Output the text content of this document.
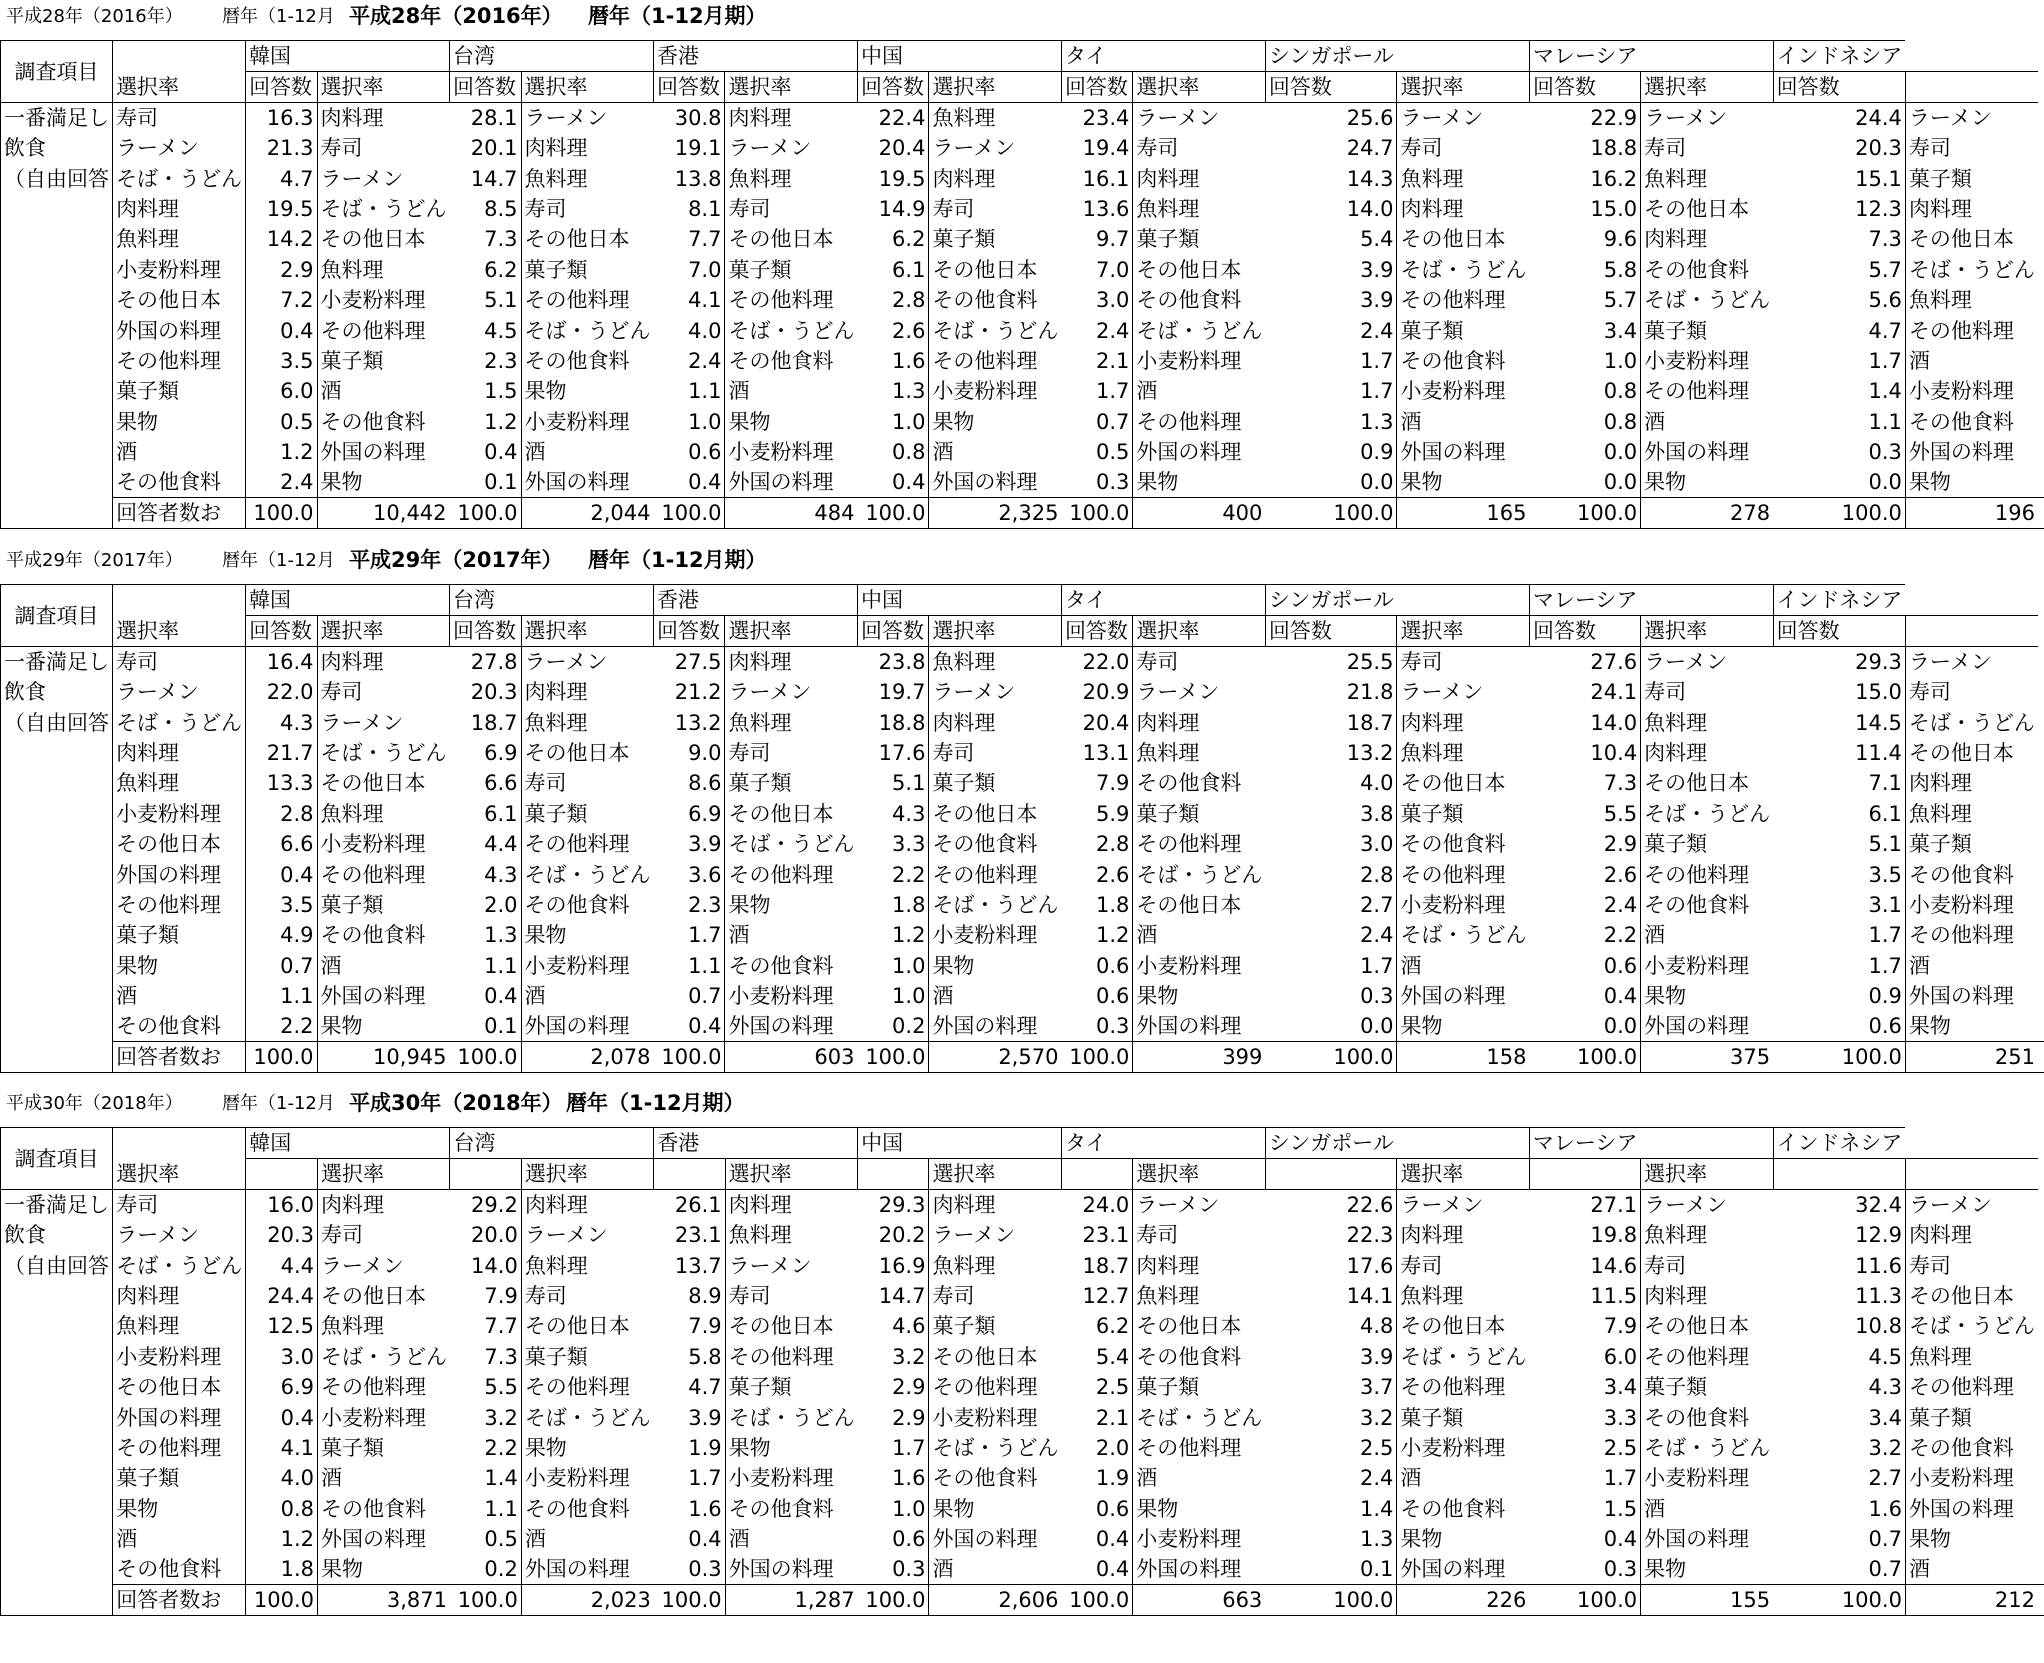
平成28年（2016年） 暦年（1-12月 平成28年（2016年） 暦年（1-12月期）
調査項目		韓国		台湾		香港		中国		タイ		シンガポール		マレーシア		インドネシア		
	選択率	回答数	選択率	回答数	選択率	回答数	選択率	回答数	選択率	回答数	選択率	回答数	選択率	回答数	選択率	回答数		
一番満足し	寿司	16.3	肉料理	28.1	ラーメン	30.8	肉料理	22.4	魚料理	23.4	ラーメン	25.6	ラーメン	22.9	ラーメン	24.4	ラーメン	
飲食	ラーメン	21.3	寿司	20.1	肉料理	19.1	ラーメン	20.4	ラーメン	19.4	寿司	24.7	寿司	18.8	寿司	20.3	寿司	
（自由回答	そば・うどん	4.7	ラーメン	14.7	魚料理	13.8	魚料理	19.5	肉料理	16.1	肉料理	14.3	魚料理	16.2	魚料理	15.1	菓子類	
	肉料理	19.5	そば・うどん	8.5	寿司	8.1	寿司	14.9	寿司	13.6	魚料理	14.0	肉料理	15.0	その他日本	12.3	肉料理	
	魚料理	14.2	その他日本	7.3	その他日本	7.7	その他日本	6.2	菓子類	9.7	菓子類	5.4	その他日本	9.6	肉料理	7.3	その他日本	
	小麦粉料理	2.9	魚料理	6.2	菓子類	7.0	菓子類	6.1	その他日本	7.0	その他日本	3.9	そば・うどん	5.8	その他食料	5.7	そば・うどん	
	その他日本	7.2	小麦粉料理	5.1	その他料理	4.1	その他料理	2.8	その他食料	3.0	その他食料	3.9	その他料理	5.7	そば・うどん	5.6	魚料理	
	外国の料理	0.4	その他料理	4.5	そば・うどん	4.0	そば・うどん	2.6	そば・うどん	2.4	そば・うどん	2.4	菓子類	3.4	菓子類	4.7	その他料理	
	その他料理	3.5	菓子類	2.3	その他食料	2.4	その他食料	1.6	その他料理	2.1	小麦粉料理	1.7	その他食料	1.0	小麦粉料理	1.7	酒	
	菓子類	6.0	酒	1.5	果物	1.1	酒	1.3	小麦粉料理	1.7	酒	1.7	小麦粉料理	0.8	その他料理	1.4	小麦粉料理	
	果物	0.5	その他食料	1.2	小麦粉料理	1.0	果物	1.0	果物	0.7	その他料理	1.3	酒	0.8	酒	1.1	その他食料	
	酒	1.2	外国の料理	0.4	酒	0.6	小麦粉料理	0.8	酒	0.5	外国の料理	0.9	外国の料理	0.0	外国の料理	0.3	外国の料理	
	その他食料	2.4	果物	0.1	外国の料理	0.4	外国の料理	0.4	外国の料理	0.3	果物	0.0	果物	0.0	果物	0.0	果物	
	回答者数お	100.0	10,442	100.0	2,044	100.0	484	100.0	2,325	100.0	400	100.0	165	100.0	278	100.0	196	
平成29年（2017年） 暦年（1-12月 平成29年（2017年） 暦年（1-12月期）
調査項目		韓国		台湾		香港		中国		タイ		シンガポール		マレーシア		インドネシア		
	選択率	回答数	選択率	回答数	選択率	回答数	選択率	回答数	選択率	回答数	選択率	回答数	選択率	回答数	選択率	回答数		
一番満足し	寿司	16.4	肉料理	27.8	ラーメン	27.5	肉料理	23.8	魚料理	22.0	寿司	25.5	寿司	27.6	ラーメン	29.3	ラーメン	
飲食	ラーメン	22.0	寿司	20.3	肉料理	21.2	ラーメン	19.7	ラーメン	20.9	ラーメン	21.8	ラーメン	24.1	寿司	15.0	寿司	
（自由回答	そば・うどん	4.3	ラーメン	18.7	魚料理	13.2	魚料理	18.8	肉料理	20.4	肉料理	18.7	肉料理	14.0	魚料理	14.5	そば・うどん	
	肉料理	21.7	そば・うどん	6.9	その他日本	9.0	寿司	17.6	寿司	13.1	魚料理	13.2	魚料理	10.4	肉料理	11.4	その他日本	
	魚料理	13.3	その他日本	6.6	寿司	8.6	菓子類	5.1	菓子類	7.9	その他食料	4.0	その他日本	7.3	その他日本	7.1	肉料理	
	小麦粉料理	2.8	魚料理	6.1	菓子類	6.9	その他日本	4.3	その他日本	5.9	菓子類	3.8	菓子類	5.5	そば・うどん	6.1	魚料理	
	その他日本	6.6	小麦粉料理	4.4	その他料理	3.9	そば・うどん	3.3	その他食料	2.8	その他料理	3.0	その他食料	2.9	菓子類	5.1	菓子類	
	外国の料理	0.4	その他料理	4.3	そば・うどん	3.6	その他料理	2.2	その他料理	2.6	そば・うどん	2.8	その他料理	2.6	その他料理	3.5	その他食料	
	その他料理	3.5	菓子類	2.0	その他食料	2.3	果物	1.8	そば・うどん	1.8	その他日本	2.7	小麦粉料理	2.4	その他食料	3.1	小麦粉料理	
	菓子類	4.9	その他食料	1.3	果物	1.7	酒	1.2	小麦粉料理	1.2	酒	2.4	そば・うどん	2.2	酒	1.7	その他料理	
	果物	0.7	酒	1.1	小麦粉料理	1.1	その他食料	1.0	果物	0.6	小麦粉料理	1.7	酒	0.6	小麦粉料理	1.7	酒	
	酒	1.1	外国の料理	0.4	酒	0.7	小麦粉料理	1.0	酒	0.6	果物	0.3	外国の料理	0.4	果物	0.9	外国の料理	
	その他食料	2.2	果物	0.1	外国の料理	0.4	外国の料理	0.2	外国の料理	0.3	外国の料理	0.0	果物	0.0	外国の料理	0.6	果物	
	回答者数お	100.0	10,945	100.0	2,078	100.0	603	100.0	2,570	100.0	399	100.0	158	100.0	375	100.0	251	
平成30年（2018年） 暦年（1-12月 平成30年（2018年） 暦年（1-12月期）
調査項目		韓国		台湾		香港		中国		タイ		シンガポール		マレーシア		インドネシア		
	選択率		選択率		選択率		選択率		選択率		選択率		選択率		選択率			
一番満足し	寿司	16.0	肉料理	29.2	肉料理	26.1	肉料理	29.3	肉料理	24.0	ラーメン	22.6	ラーメン	27.1	ラーメン	32.4	ラーメン	
飲食	ラーメン	20.3	寿司	20.0	ラーメン	23.1	魚料理	20.2	ラーメン	23.1	寿司	22.3	肉料理	19.8	魚料理	12.9	肉料理	
（自由回答	そば・うどん	4.4	ラーメン	14.0	魚料理	13.7	ラーメン	16.9	魚料理	18.7	肉料理	17.6	寿司	14.6	寿司	11.6	寿司	
	肉料理	24.4	その他日本	7.9	寿司	8.9	寿司	14.7	寿司	12.7	魚料理	14.1	魚料理	11.5	肉料理	11.3	その他日本	
	魚料理	12.5	魚料理	7.7	その他日本	7.9	その他日本	4.6	菓子類	6.2	その他日本	4.8	その他日本	7.9	その他日本	10.8	そば・うどん	
	小麦粉料理	3.0	そば・うどん	7.3	菓子類	5.8	その他料理	3.2	その他日本	5.4	その他食料	3.9	そば・うどん	6.0	その他料理	4.5	魚料理	
	その他日本	6.9	その他料理	5.5	その他料理	4.7	菓子類	2.9	その他料理	2.5	菓子類	3.7	その他料理	3.4	菓子類	4.3	その他料理	
	外国の料理	0.4	小麦粉料理	3.2	そば・うどん	3.9	そば・うどん	2.9	小麦粉料理	2.1	そば・うどん	3.2	菓子類	3.3	その他食料	3.4	菓子類	
	その他料理	4.1	菓子類	2.2	果物	1.9	果物	1.7	そば・うどん	2.0	その他料理	2.5	小麦粉料理	2.5	そば・うどん	3.2	その他食料	
	菓子類	4.0	酒	1.4	小麦粉料理	1.7	小麦粉料理	1.6	その他食料	1.9	酒	2.4	酒	1.7	小麦粉料理	2.7	小麦粉料理	
	果物	0.8	その他食料	1.1	その他食料	1.6	その他食料	1.0	果物	0.6	果物	1.4	その他食料	1.5	酒	1.6	外国の料理	
	酒	1.2	外国の料理	0.5	酒	0.4	酒	0.6	外国の料理	0.4	小麦粉料理	1.3	果物	0.4	外国の料理	0.7	果物	
	その他食料	1.8	果物	0.2	外国の料理	0.3	外国の料理	0.3	酒	0.4	外国の料理	0.1	外国の料理	0.3	果物	0.7	酒	
	回答者数お	100.0	3,871	100.0	2,023	100.0	1,287	100.0	2,606	100.0	663	100.0	226	100.0	155	100.0	212	
